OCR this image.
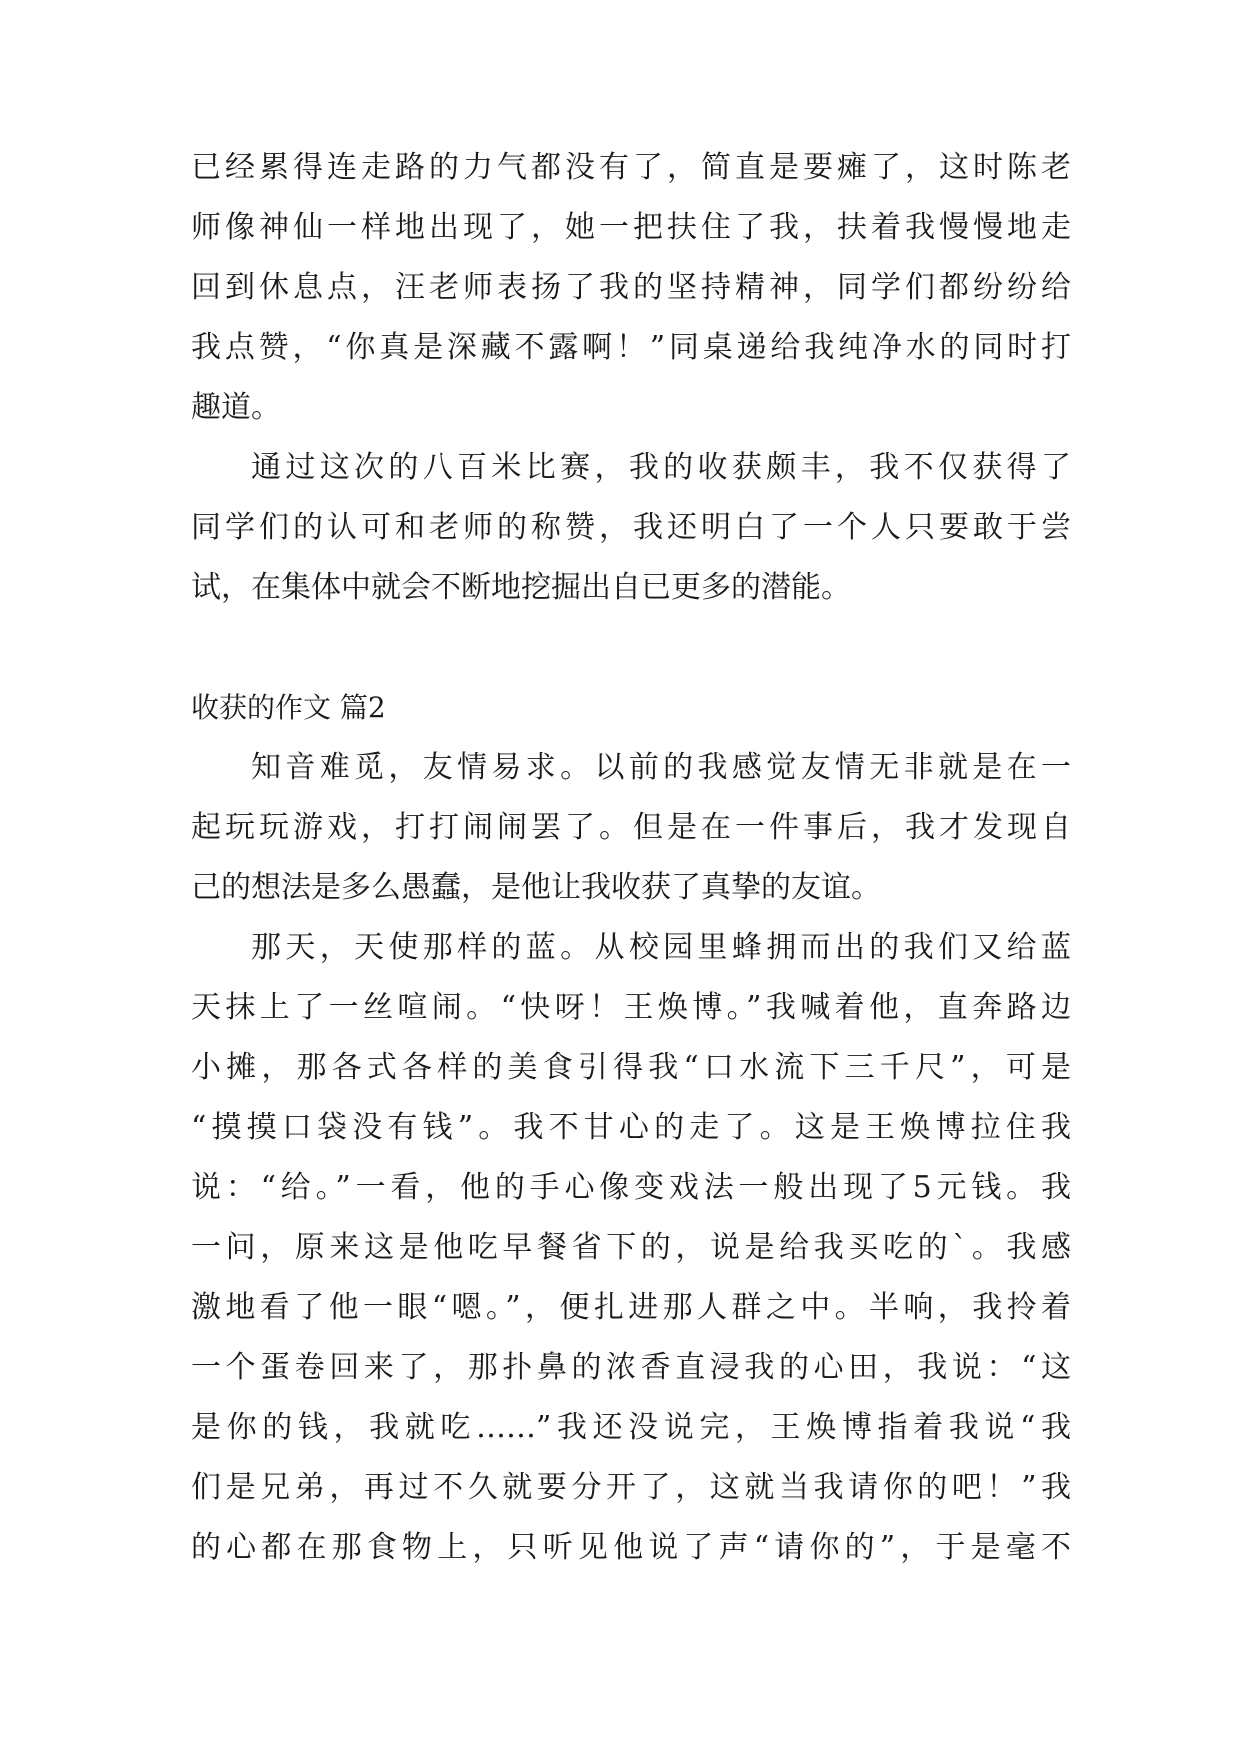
已经累得连走路的力气都没有了，简直是要瘫了，这时陈老
师像神仙一样地出现了，她一把扶住了我，扶着我慢慢地走
回到休息点，汪老师表扬了我的坚持精神，同学们都纷纷给
我点赞，“你真是深藏不露啊！”同桌递给我纯净水的同时打
趣道。
通过这次的八百米比赛，我的收获颇丰，我不仅获得了
同学们的认可和老师的称赞，我还明白了一个人只要敢于尝
试，在集体中就会不断地挖掘出自已更多的潜能。
收获的作文 篇2
知音难觅，友情易求。以前的我感觉友情无非就是在一
起玩玩游戏，打打闹闹罢了。但是在一件事后，我才发现自
己的想法是多么愚蠢，是他让我收获了真挚的友谊。
那天，天使那样的蓝。从校园里蜂拥而出的我们又给蓝
天抹上了一丝喧闹。“快呀！王焕博。”我喊着他，直奔路边
小摊，那各式各样的美食引得我“口水流下三千尺”，可是
“摸摸口袋没有钱”。我不甘心的走了。这是王焕博拉住我
说：“给。”一看，他的手心像变戏法一般出现了5元钱。我
一问，原来这是他吃早餐省下的，说是给我买吃的`。我感
激地看了他一眼“嗯。”，便扎进那人群之中。半响，我拎着
一个蛋卷回来了，那扑鼻的浓香直浸我的心田，我说：“这
是你的钱，我就吃……”我还没说完，王焕博指着我说“我
们是兄弟，再过不久就要分开了，这就当我请你的吧！”我
的心都在那食物上，只听见他说了声“请你的”，于是毫不
